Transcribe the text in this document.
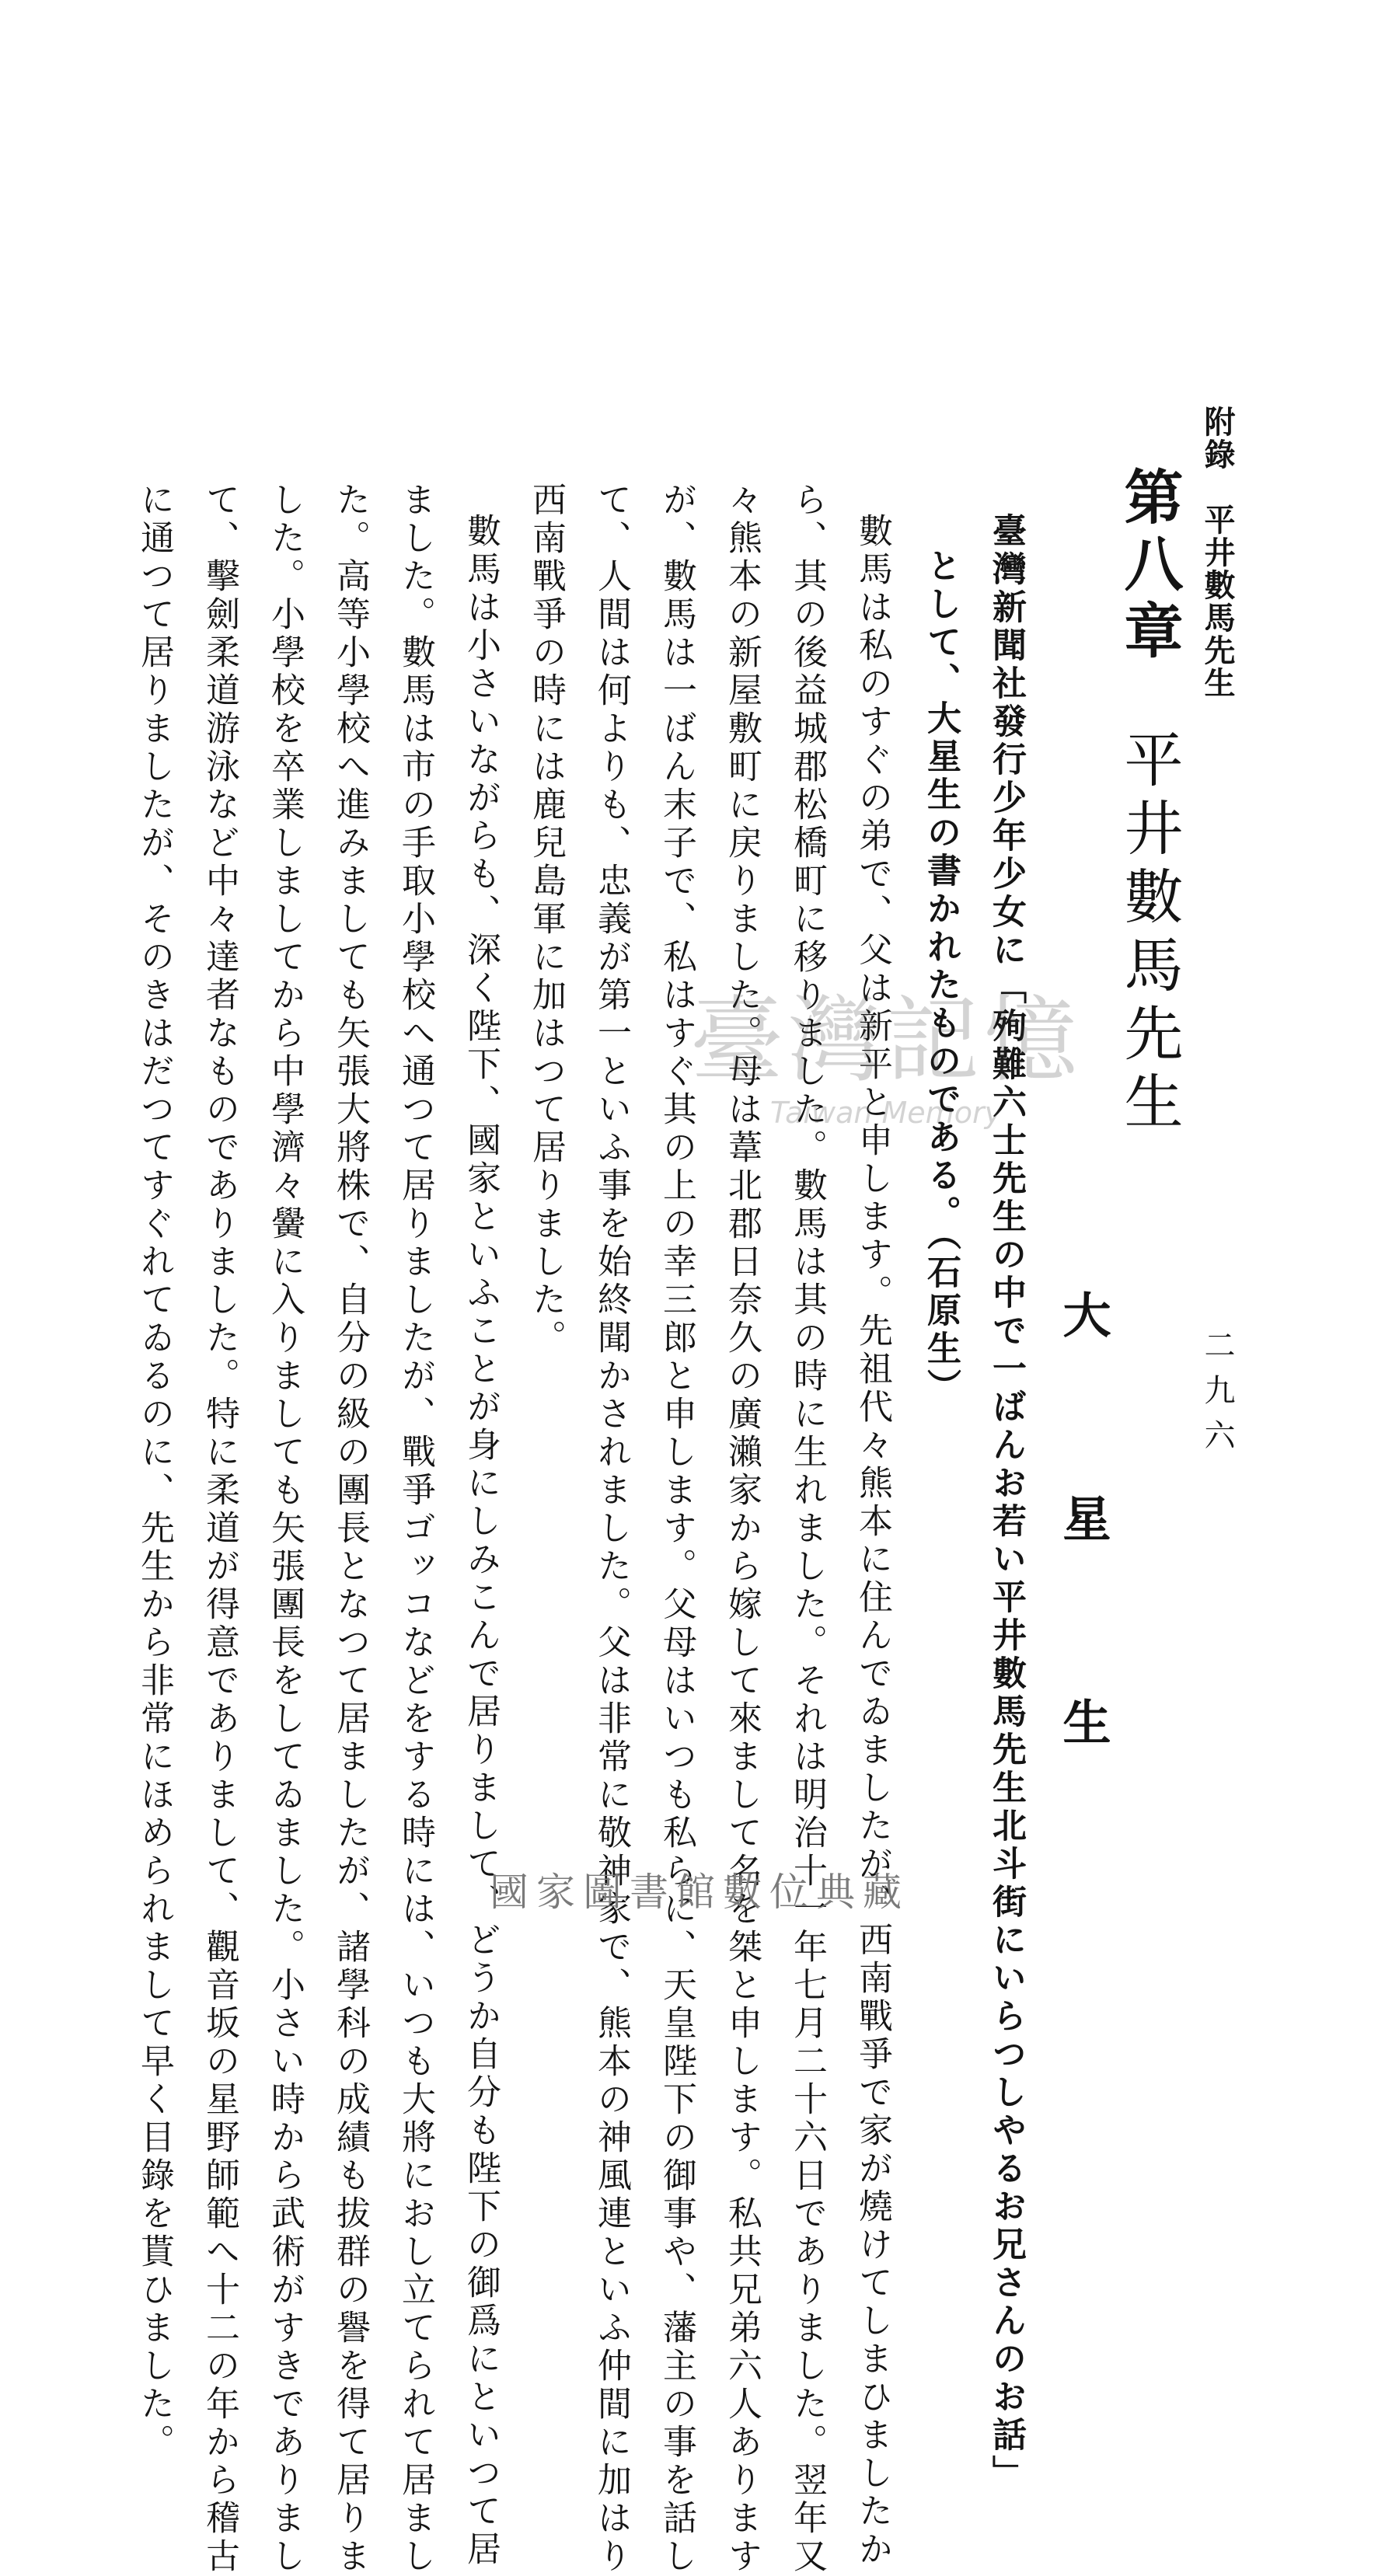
附錄　平井數馬先生
二九六
第八章平井數馬先生
大星生
臺灣新聞社發行少年少女に「殉難六士先生の中で一ばんお若い平井數馬先生北斗街にいらつしやるお兄さんのお話」
として、大星生の書かれたものである。（石原生）
數馬は私のすぐの弟で、父は新平と申します。先祖代々熊本に住んでゐましたが、西南戰爭で家が燒けてしまひましたか
ら、其の後益城郡松橋町に移りました。數馬は其の時に生れました。それは明治十一年七月二十六日でありました。翌年又
々熊本の新屋敷町に戻りました。母は葦北郡日奈久の廣瀨家から嫁して來まして名を桀と申します。私共兄弟六人あります
が、數馬は一ばん末子で、私はすぐ其の上の幸三郎と申します。父母はいつも私らに、天皇陛下の御事や、藩主の事を話し
て、人間は何よりも、忠義が第一といふ事を始終聞かされました。父は非常に敬神家で、熊本の神風連といふ仲間に加はり
西南戰爭の時には鹿兒島軍に加はつて居りました。
數馬は小さいながらも、深く陛下、國家といふことが身にしみこんで居りまして、どうか自分も陛下の御爲にといつて居
ました。數馬は市の手取小學校へ通つて居りましたが、戰爭ゴッコなどをする時には、いつも大將におし立てられて居まし
た。高等小學校へ進みましても矢張大將株で、自分の級の團長となつて居ましたが、諸學科の成績も拔群の譽を得て居りま
した。小學校を卒業しましてから中學濟々黌に入りましても矢張團長をしてゐました。小さい時から武術がすきでありまし
て、擊劍柔道游泳など中々達者なものでありました。特に柔道が得意でありまして、觀音坂の星野師範へ十二の年から稽古
に通つて居りましたが、そのきはだつてすぐれてゐるのに、先生から非常にほめられまして早く目錄を貰ひました。	臺灣記憶
Taiwan Memory
國家圖書館數位典藏
